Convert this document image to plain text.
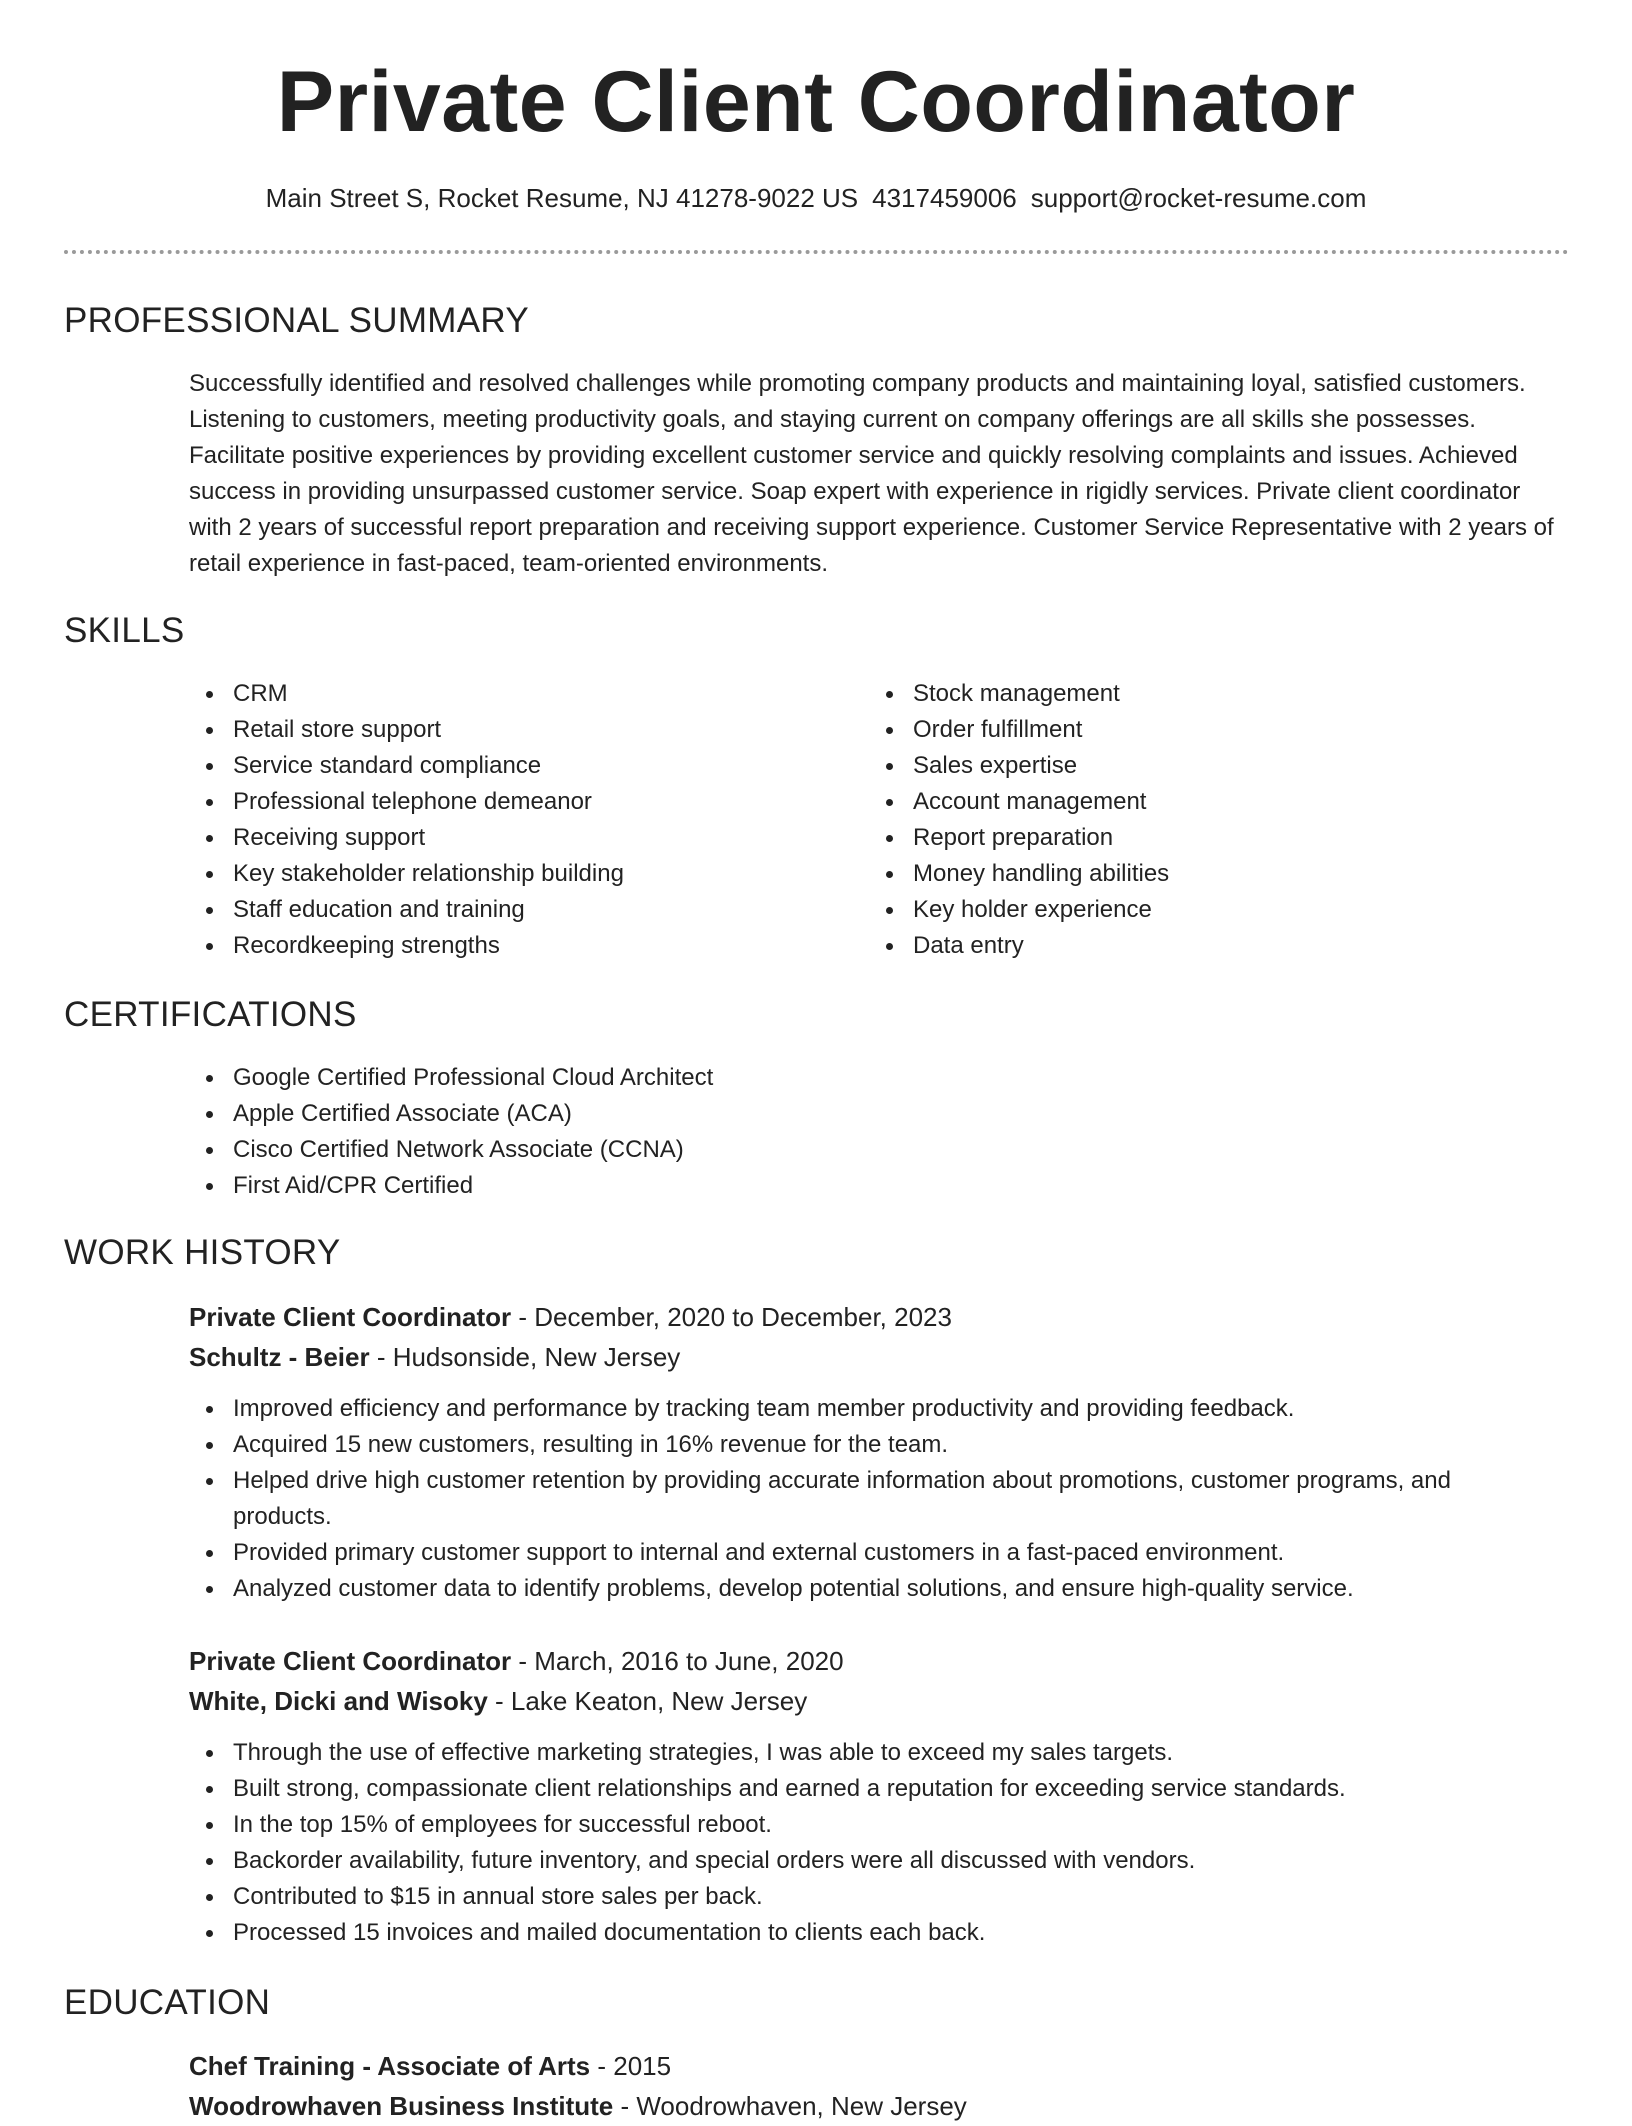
Private Client Coordinator
Main Street S, Rocket Resume, NJ 41278-9022 US 4317459006 support@rocket-resume.com
PROFESSIONAL SUMMARY
Successfully identified and resolved challenges while promoting company products and maintaining loyal, satisfied customers. Listening to customers, meeting productivity goals, and staying current on company offerings are all skills she possesses. Facilitate positive experiences by providing excellent customer service and quickly resolving complaints and issues. Achieved success in providing unsurpassed customer service. Soap expert with experience in rigidly services. Private client coordinator with 2 years of successful report preparation and receiving support experience. Customer Service Representative with 2 years of retail experience in fast-paced, team-oriented environments.
SKILLS
CRM
Retail store support
Service standard compliance
Professional telephone demeanor
Receiving support
Key stakeholder relationship building
Staff education and training
Recordkeeping strengths
Stock management
Order fulfillment
Sales expertise
Account management
Report preparation
Money handling abilities
Key holder experience
Data entry
CERTIFICATIONS
Google Certified Professional Cloud Architect
Apple Certified Associate (ACA)
Cisco Certified Network Associate (CCNA)
First Aid/CPR Certified
WORK HISTORY
Private Client Coordinator - December, 2020 to December, 2023
Schultz - Beier - Hudsonside, New Jersey
Improved efficiency and performance by tracking team member productivity and providing feedback.
Acquired 15 new customers, resulting in 16% revenue for the team.
Helped drive high customer retention by providing accurate information about promotions, customer programs, and products.
Provided primary customer support to internal and external customers in a fast-paced environment.
Analyzed customer data to identify problems, develop potential solutions, and ensure high-quality service.
Private Client Coordinator - March, 2016 to June, 2020
White, Dicki and Wisoky - Lake Keaton, New Jersey
Through the use of effective marketing strategies, I was able to exceed my sales targets.
Built strong, compassionate client relationships and earned a reputation for exceeding service standards.
In the top 15% of employees for successful reboot.
Backorder availability, future inventory, and special orders were all discussed with vendors.
Contributed to $15 in annual store sales per back.
Processed 15 invoices and mailed documentation to clients each back.
EDUCATION
Chef Training - Associate of Arts - 2015
Woodrowhaven Business Institute - Woodrowhaven, New Jersey
